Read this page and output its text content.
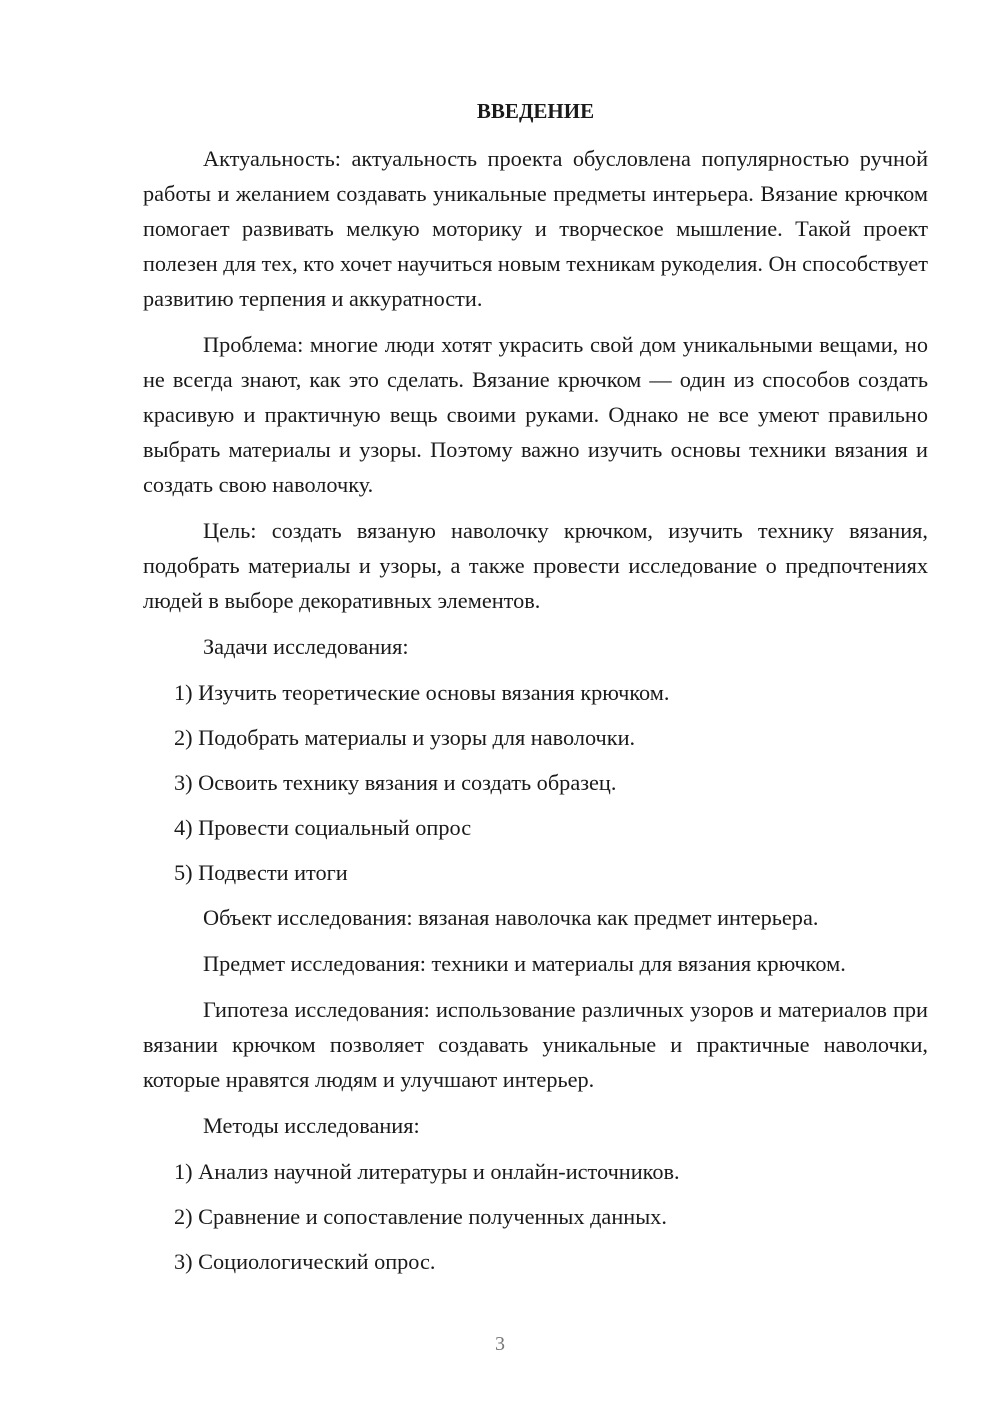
ВВЕДЕНИЕ

Актуальность: актуальность проекта обусловлена популярностью ручной работы и желанием создавать уникальные предметы интерьера. Вязание крючком помогает развивать мелкую моторику и творческое мышление. Такой проект полезен для тех, кто хочет научиться новым техникам рукоделия. Он способствует развитию терпения и аккуратности.

Проблема: многие люди хотят украсить свой дом уникальными вещами, но не всегда знают, как это сделать. Вязание крючком — один из способов создать красивую и практичную вещь своими руками. Однако не все умеют правильно выбрать материалы и узоры. Поэтому важно изучить основы техники вязания и создать свою наволочку.

Цель: создать вязаную наволочку крючком, изучить технику вязания, подобрать материалы и узоры, а также провести исследование о предпочтениях людей в выборе декоративных элементов.

Задачи исследования:
1) Изучить теоретические основы вязания крючком.
2) Подобрать материалы и узоры для наволочки.
3) Освоить технику вязания и создать образец.
4) Провести социальный опрос
5) Подвести итоги

Объект исследования: вязаная наволочка как предмет интерьера.

Предмет исследования: техники и материалы для вязания крючком.

Гипотеза исследования: использование различных узоров и материалов при вязании крючком позволяет создавать уникальные и практичные наволочки, которые нравятся людям и улучшают интерьер.

Методы исследования:
1) Анализ научной литературы и онлайн-источников.
2) Сравнение и сопоставление полученных данных.
3) Социологический опрос.
3
